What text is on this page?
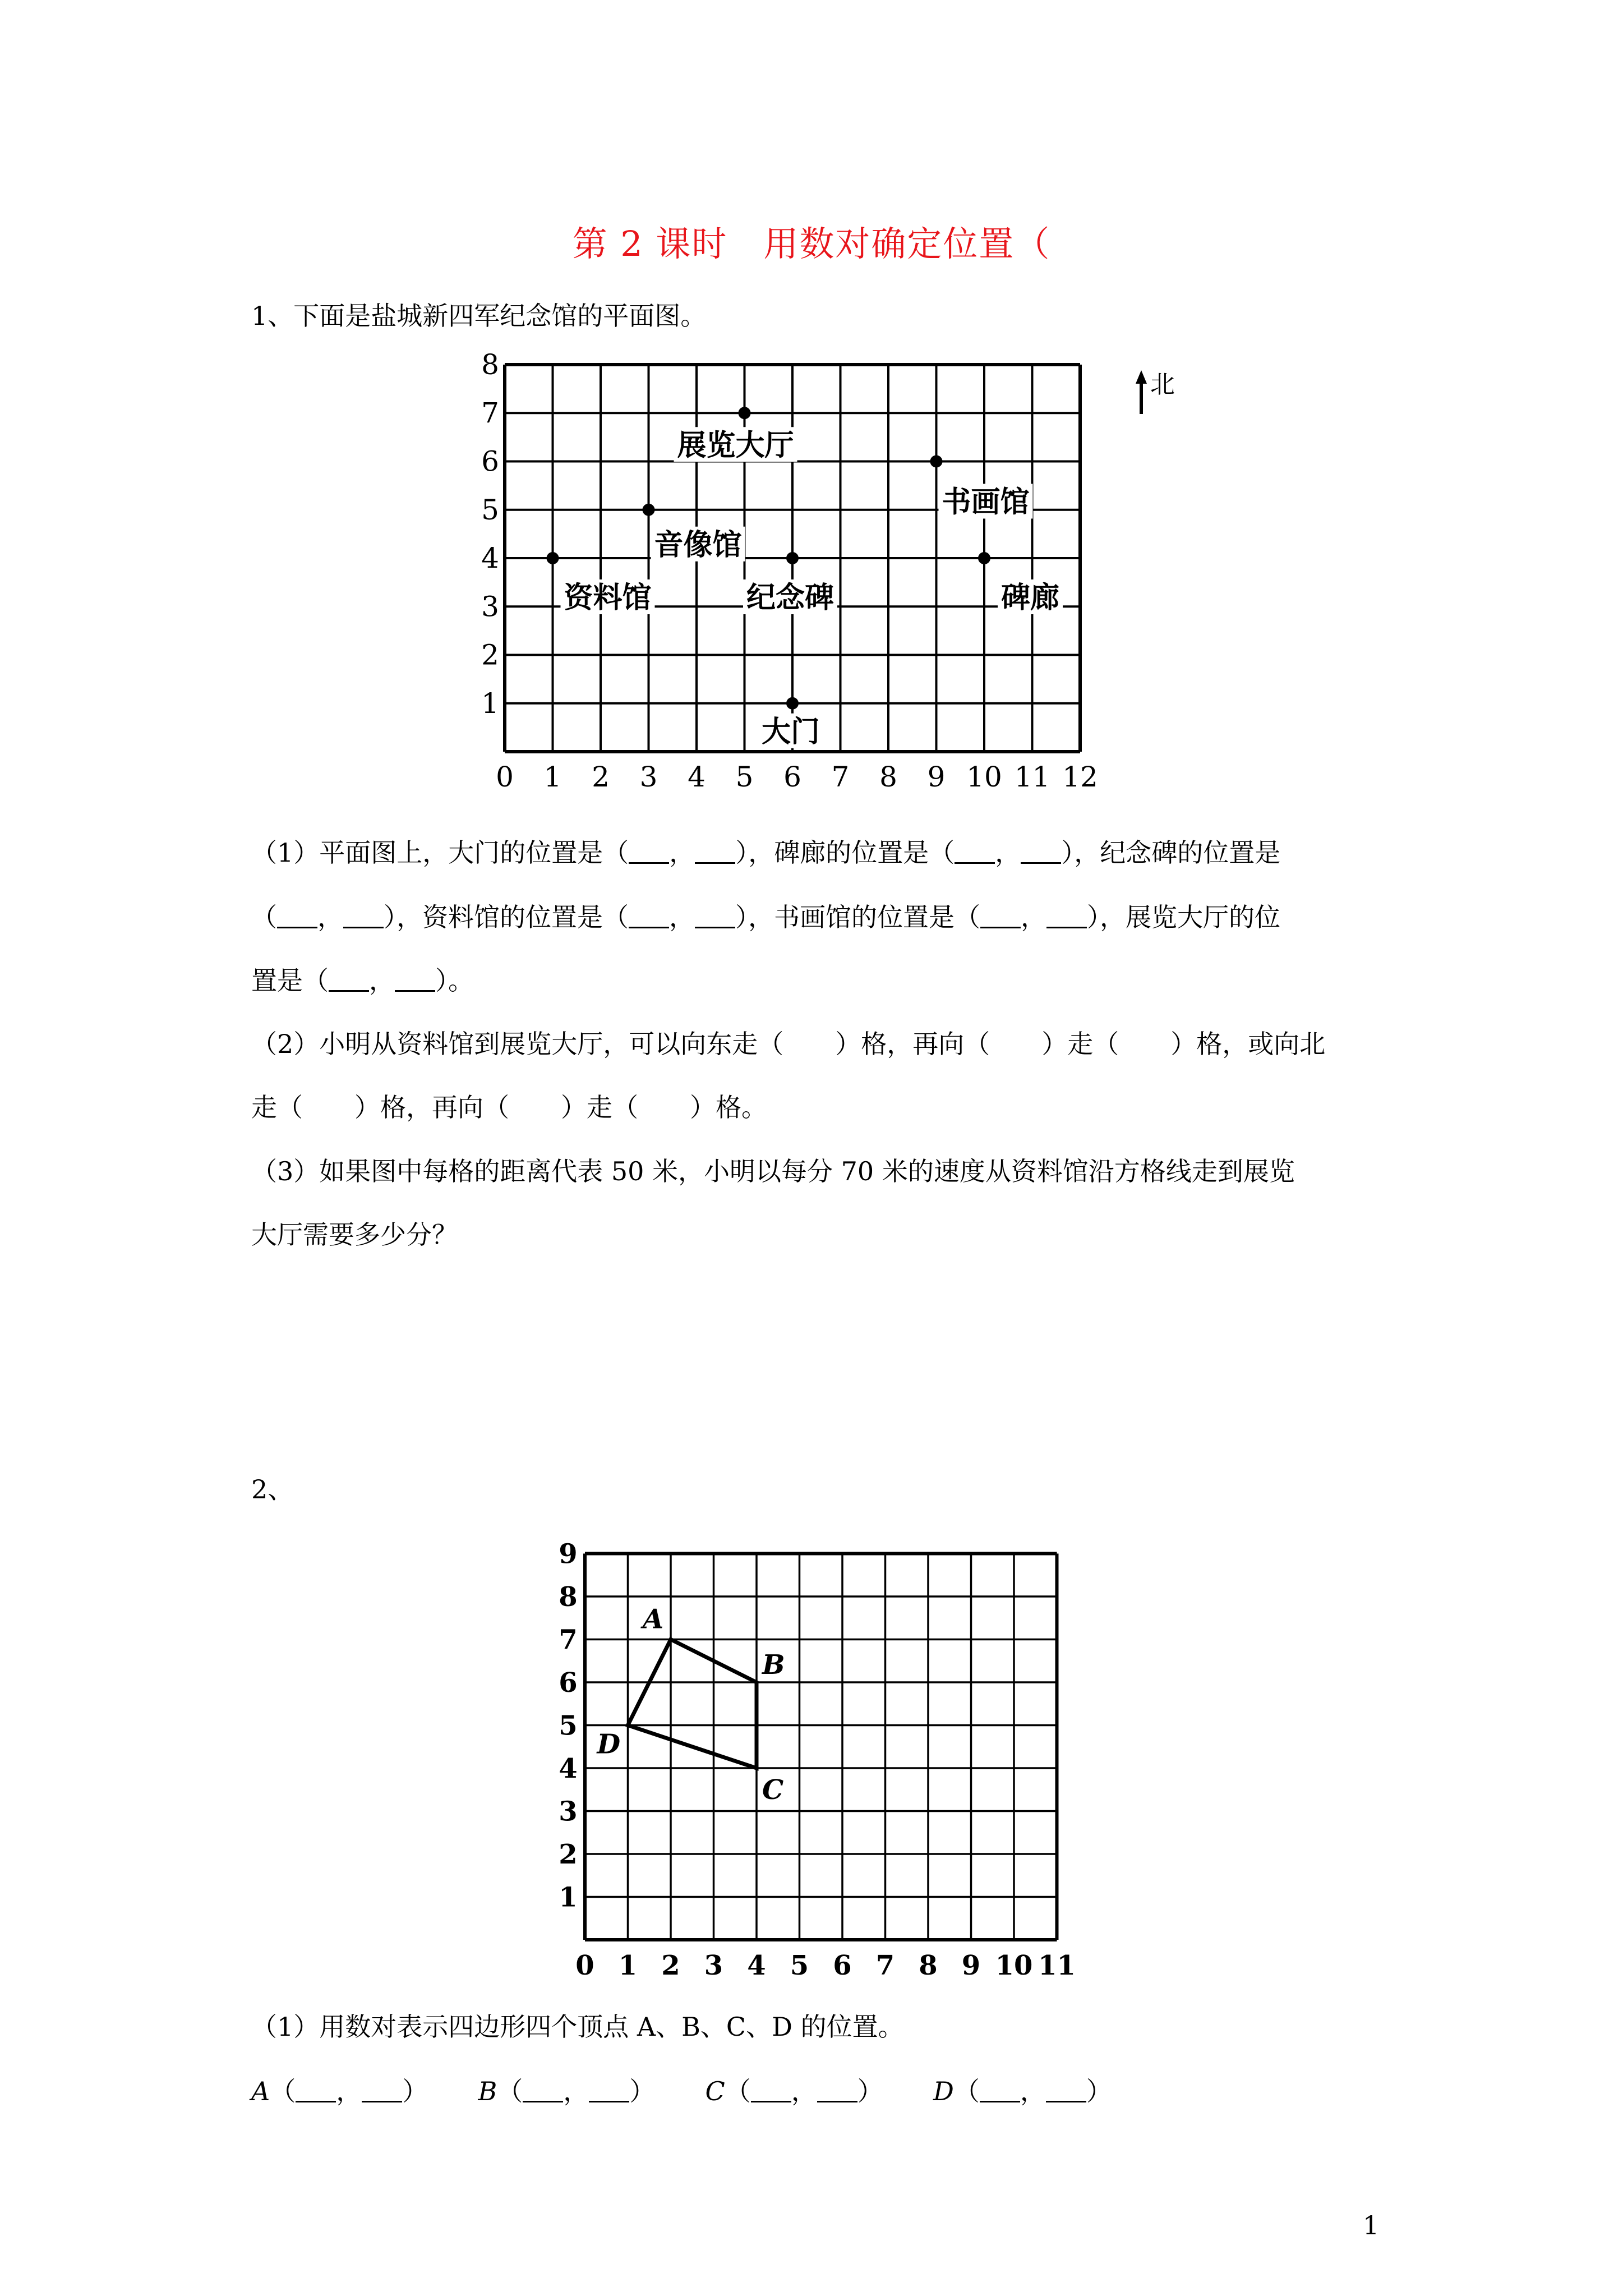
第 2 课时　用数对确定位置（
1、下面是盐城新四军纪念馆的平面图。
0 1 2 3 4 5 6 7 8 9 10 11 12
1
2
3
4
5
6
7
8
展览大厅
书画馆
音像馆
资料馆	纪念碑	碑廊
大门
北
（1）平面图上，大门的位置是（ ， ），碑廊的位置是（ ， ），纪念碑的位置是
（ ， ），资料馆的位置是（ ， ），书画馆的位置是（ ， ），展览大厅的位
置是（ ， ）。
（2）小明从资料馆到展览大厅，可以向东走（ ）格，再向（ ）走（ ）格，或向北
走（ ）格，再向（ ）走（ ）格。
（3）如果图中每格的距离代表 50 米，小明以每分 70 米的速度从资料馆沿方格线走到展览
大厅需要多少分？
2、
0 1 2 3 4 5 6 7 8 9 10 11
1
2
3
4
5
6
7
8
9
A
B
C
D
（1）用数对表示四边形四个顶点 A、B、C、D 的位置。
A（ ， ） B（ ， ） C（ ， ） D（ ， ）
1
